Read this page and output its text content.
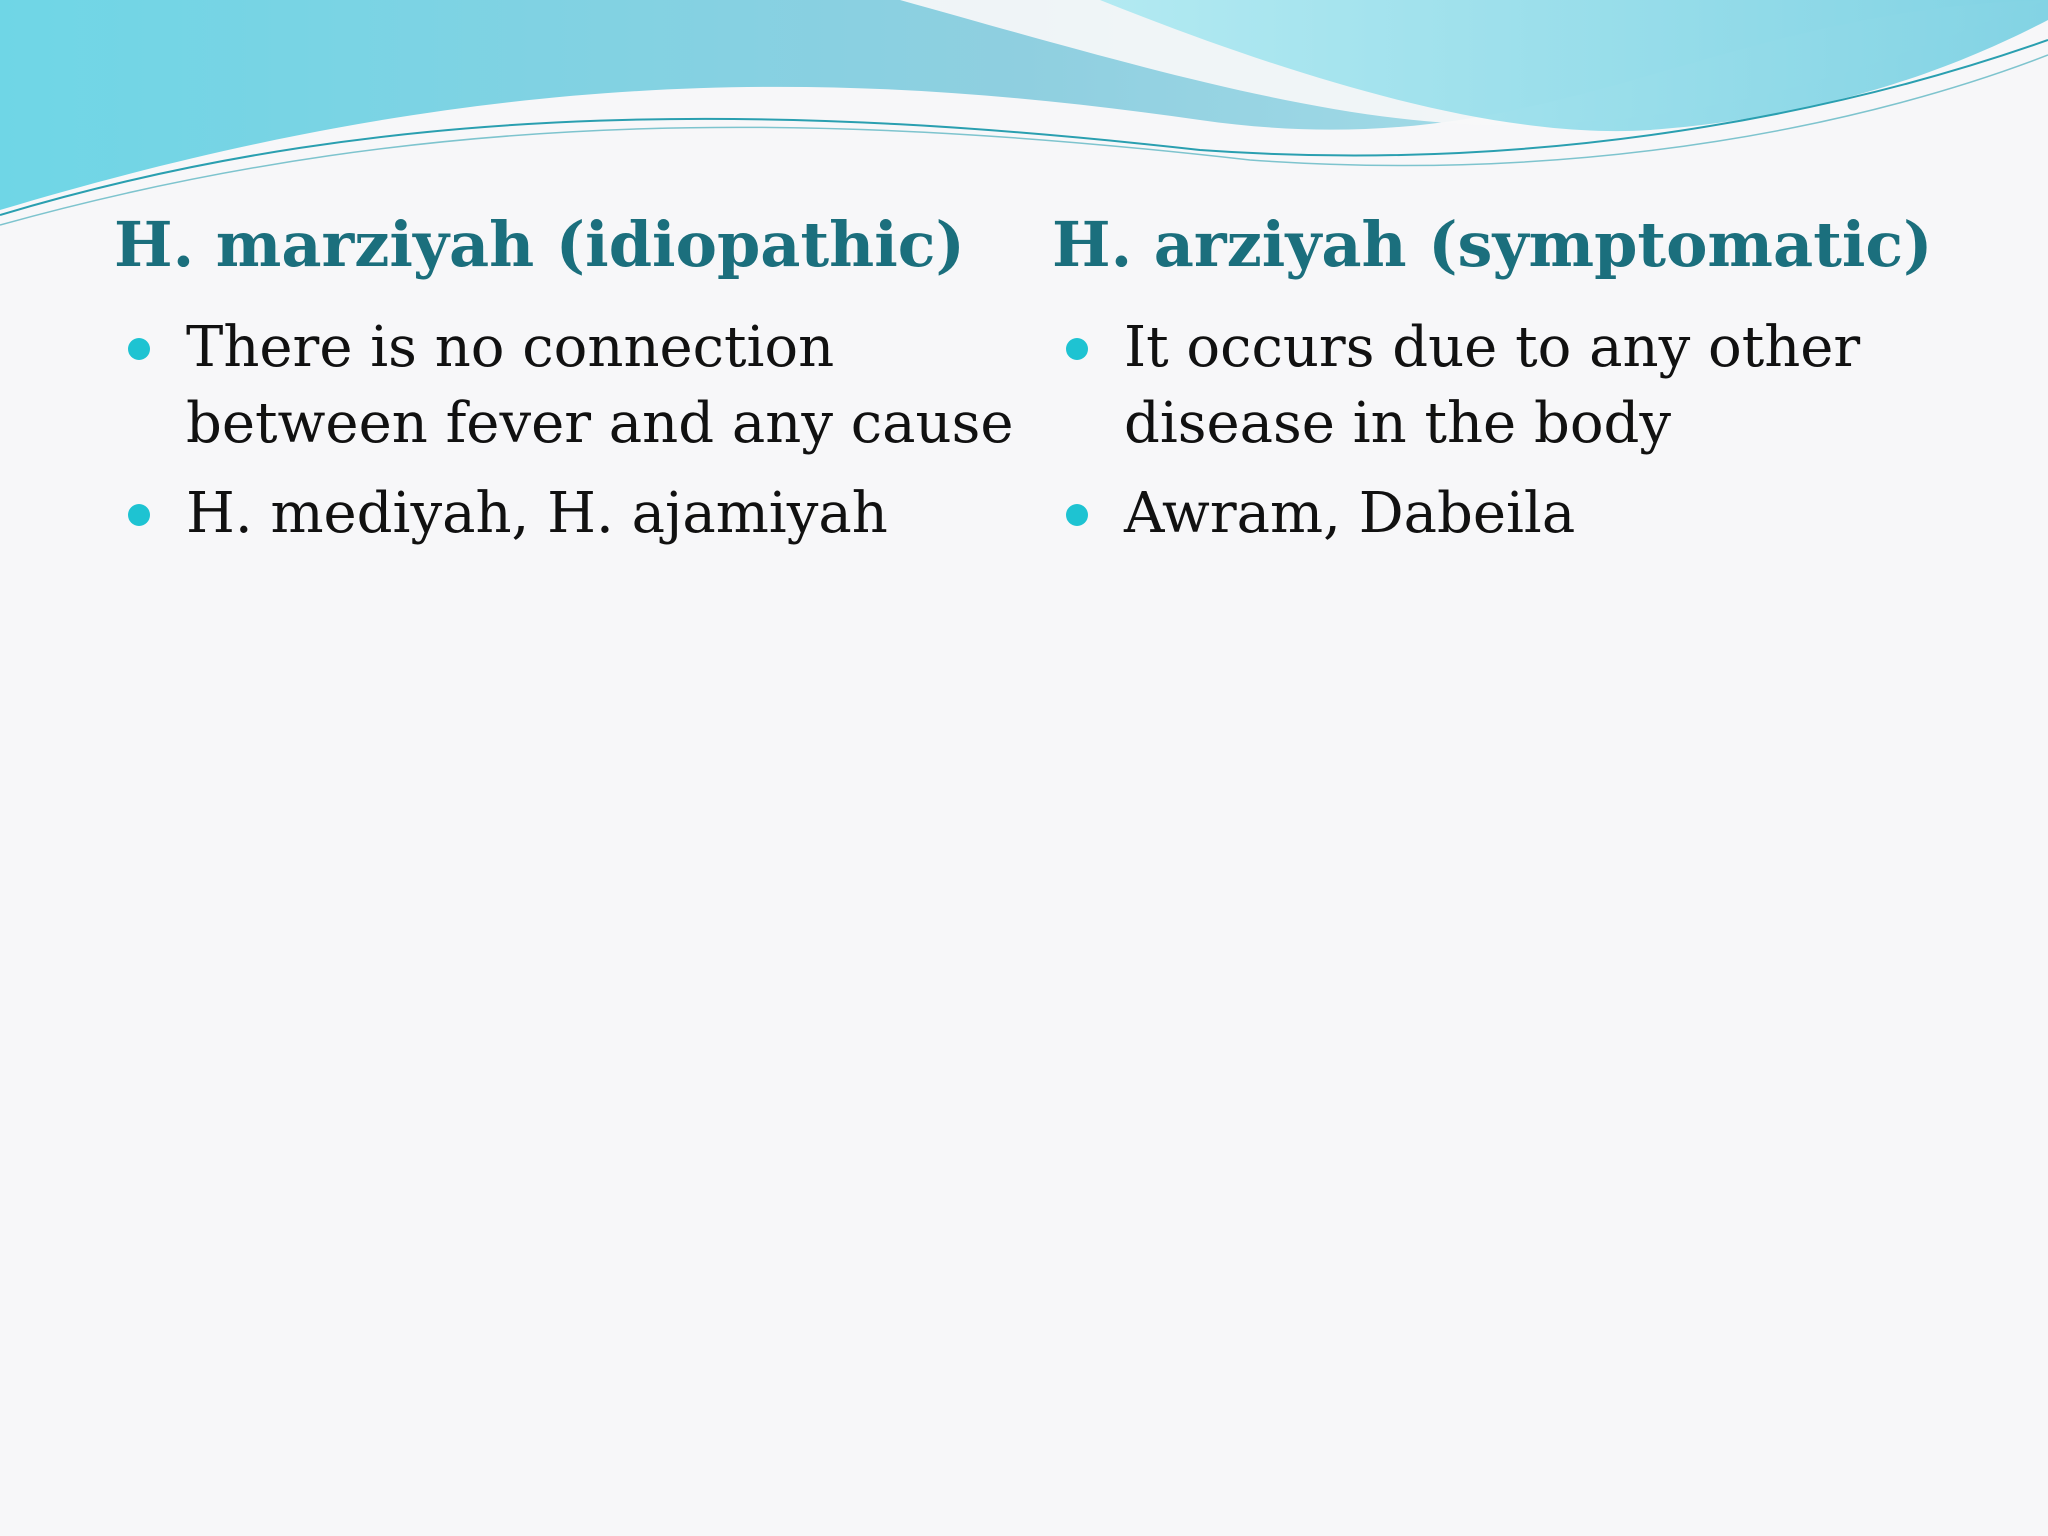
H. marziyah (idiopathic)
There is no connection
between fever and any cause
H. mediyah, H. ajamiyah
H. arziyah (symptomatic)
It occurs due to any other
disease in the body
Awram, Dabeila
